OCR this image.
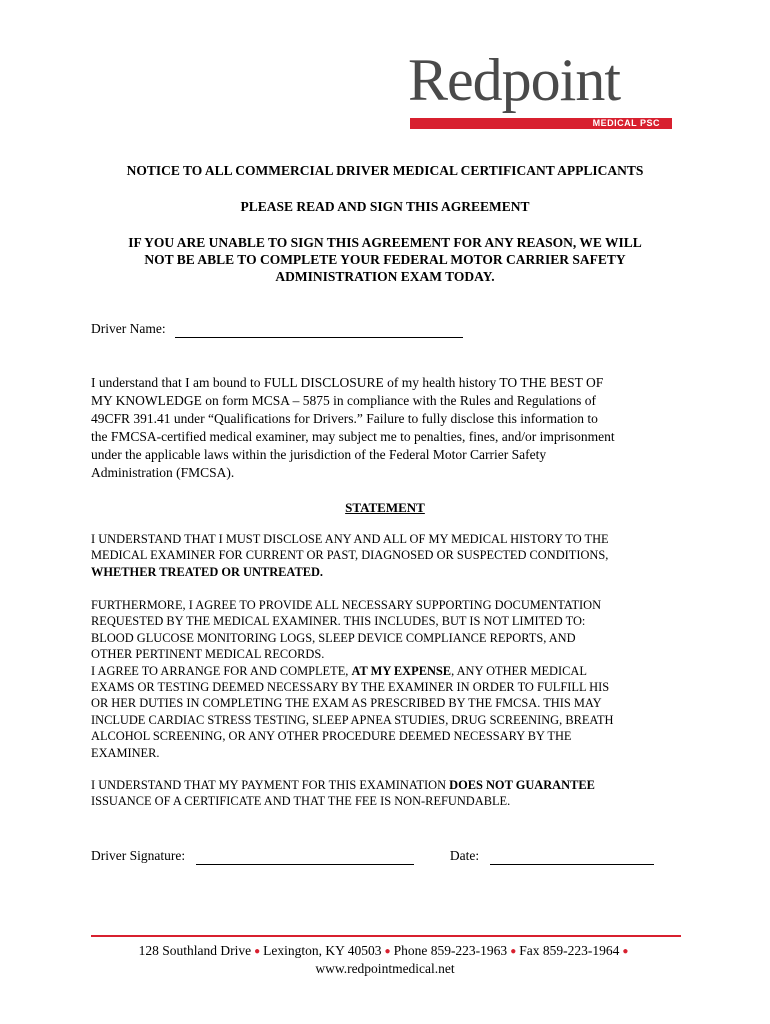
Redpoint
MEDICAL PSC
NOTICE TO ALL COMMERCIAL DRIVER MEDICAL CERTIFICANT APPLICANTS
PLEASE READ AND SIGN THIS AGREEMENT
IF YOU ARE UNABLE TO SIGN THIS AGREEMENT FOR ANY REASON, WE WILL
NOT BE ABLE TO COMPLETE YOUR FEDERAL MOTOR CARRIER SAFETY
ADMINISTRATION EXAM TODAY.
Driver Name:
I understand that I am bound to FULL DISCLOSURE of my health history TO THE BEST OF
MY KNOWLEDGE on form MCSA – 5875 in compliance with the Rules and Regulations of
49CFR 391.41 under “Qualifications for Drivers.” Failure to fully disclose this information to
the FMCSA-certified medical examiner, may subject me to penalties, fines, and/or imprisonment
under the applicable laws within the jurisdiction of the Federal Motor Carrier Safety
Administration (FMCSA).
STATEMENT
I UNDERSTAND THAT I MUST DISCLOSE ANY AND ALL OF MY MEDICAL HISTORY TO THE
MEDICAL EXAMINER FOR CURRENT OR PAST, DIAGNOSED OR SUSPECTED CONDITIONS,
WHETHER TREATED OR UNTREATED.
FURTHERMORE, I AGREE TO PROVIDE ALL NECESSARY SUPPORTING DOCUMENTATION
REQUESTED BY THE MEDICAL EXAMINER. THIS INCLUDES, BUT IS NOT LIMITED TO:
BLOOD GLUCOSE MONITORING LOGS, SLEEP DEVICE COMPLIANCE REPORTS, AND
OTHER PERTINENT MEDICAL RECORDS.
I AGREE TO ARRANGE FOR AND COMPLETE, AT MY EXPENSE, ANY OTHER MEDICAL
EXAMS OR TESTING DEEMED NECESSARY BY THE EXAMINER IN ORDER TO FULFILL HIS
OR HER DUTIES IN COMPLETING THE EXAM AS PRESCRIBED BY THE FMCSA. THIS MAY
INCLUDE CARDIAC STRESS TESTING, SLEEP APNEA STUDIES, DRUG SCREENING, BREATH
ALCOHOL SCREENING, OR ANY OTHER PROCEDURE DEEMED NECESSARY BY THE
EXAMINER.
I UNDERSTAND THAT MY PAYMENT FOR THIS EXAMINATION DOES NOT GUARANTEE
ISSUANCE OF A CERTIFICATE AND THAT THE FEE IS NON-REFUNDABLE.
Driver Signature:	Date:
128 Southland Drive ● Lexington, KY 40503 ● Phone 859-223-1963 ● Fax 859-223-1964 ●
www.redpointmedical.net
